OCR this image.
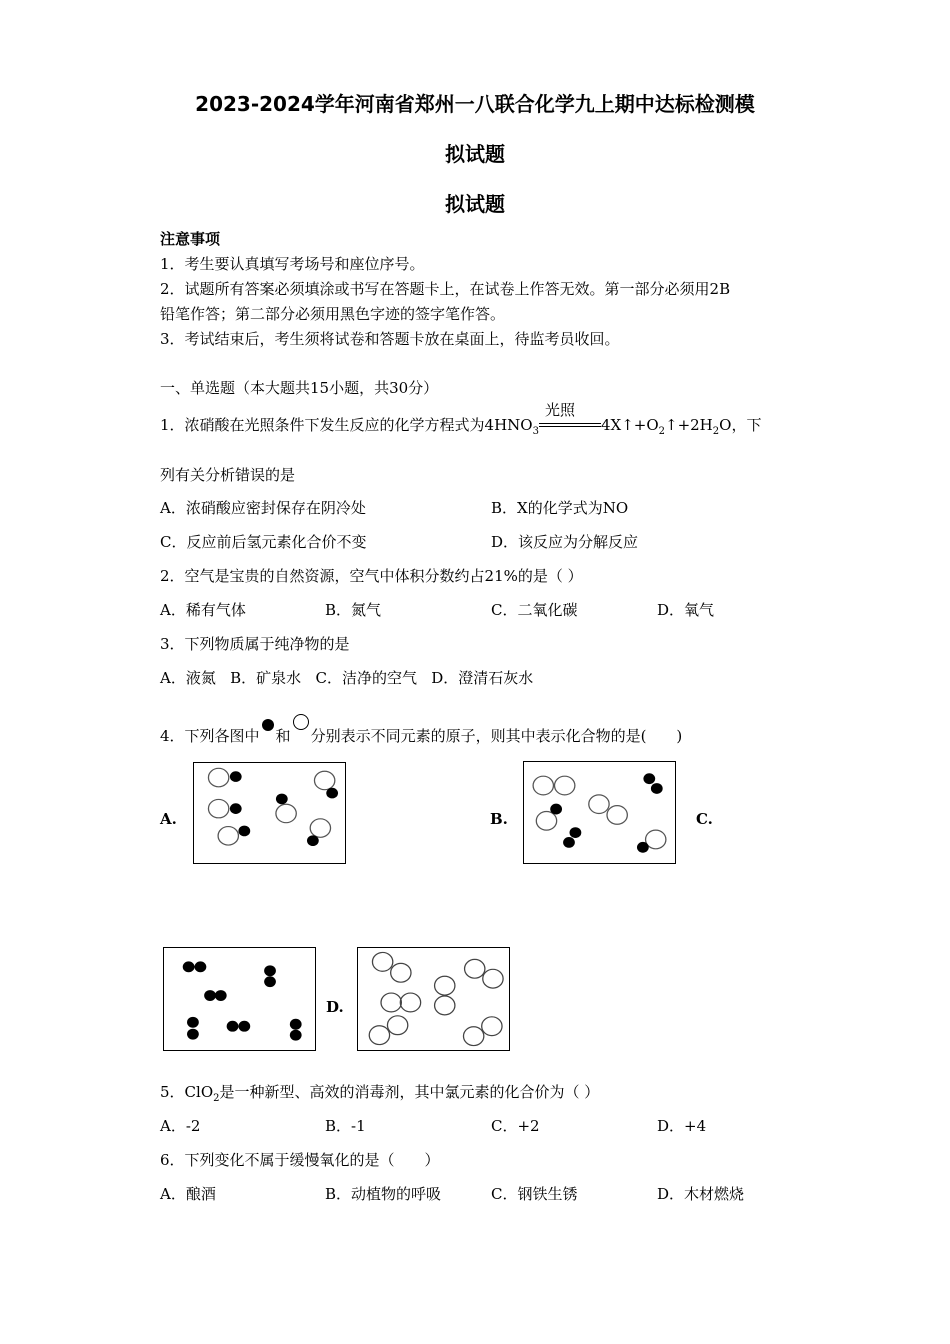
2023-2024学年河南省郑州一八联合化学九上期中达标检测模
拟试题
拟试题
注意事项
1．考生要认真填写考场号和座位序号。
2．试题所有答案必须填涂或书写在答题卡上，在试卷上作答无效。第一部分必须用2B
铅笔作答；第二部分必须用黑色字迹的签字笔作答。
3．考试结束后，考生须将试卷和答题卡放在桌面上，待监考员收回。
一、单选题（本大题共15小题，共30分）
1．浓硝酸在光照条件下发生反应的化学方程式为$4HNO_3$
光照
$4X↑+O_2↑+2H_2O$，下
列有关分析错误的是
A．浓硝酸应密封保存在阴冷处	B．X的化学式为NO
C．反应前后氢元素化合价不变	D．该反应为分解反应
2．空气是宝贵的自然资源，空气中体积分数约占21%的是（ ）
A．稀有气体	B．氮气	C．二氧化碳	D．氧气
3．下列物质属于纯净物的是
A．液氮   B．矿泉水   C．洁净的空气   D．澄清石灰水
4．下列各图中 和 分别表示不同元素的原子，则其中表示化合物的是(　　)
A.	B.	C.
D.
5．ClO$_2$是一种新型、高效的消毒剂，其中氯元素的化合价为（ ）
A．-2	B．-1	C．+2	D．+4
6．下列变化不属于缓慢氧化的是（　　）
A．酿酒	B．动植物的呼吸	C．钢铁生锈	D．木材燃烧
